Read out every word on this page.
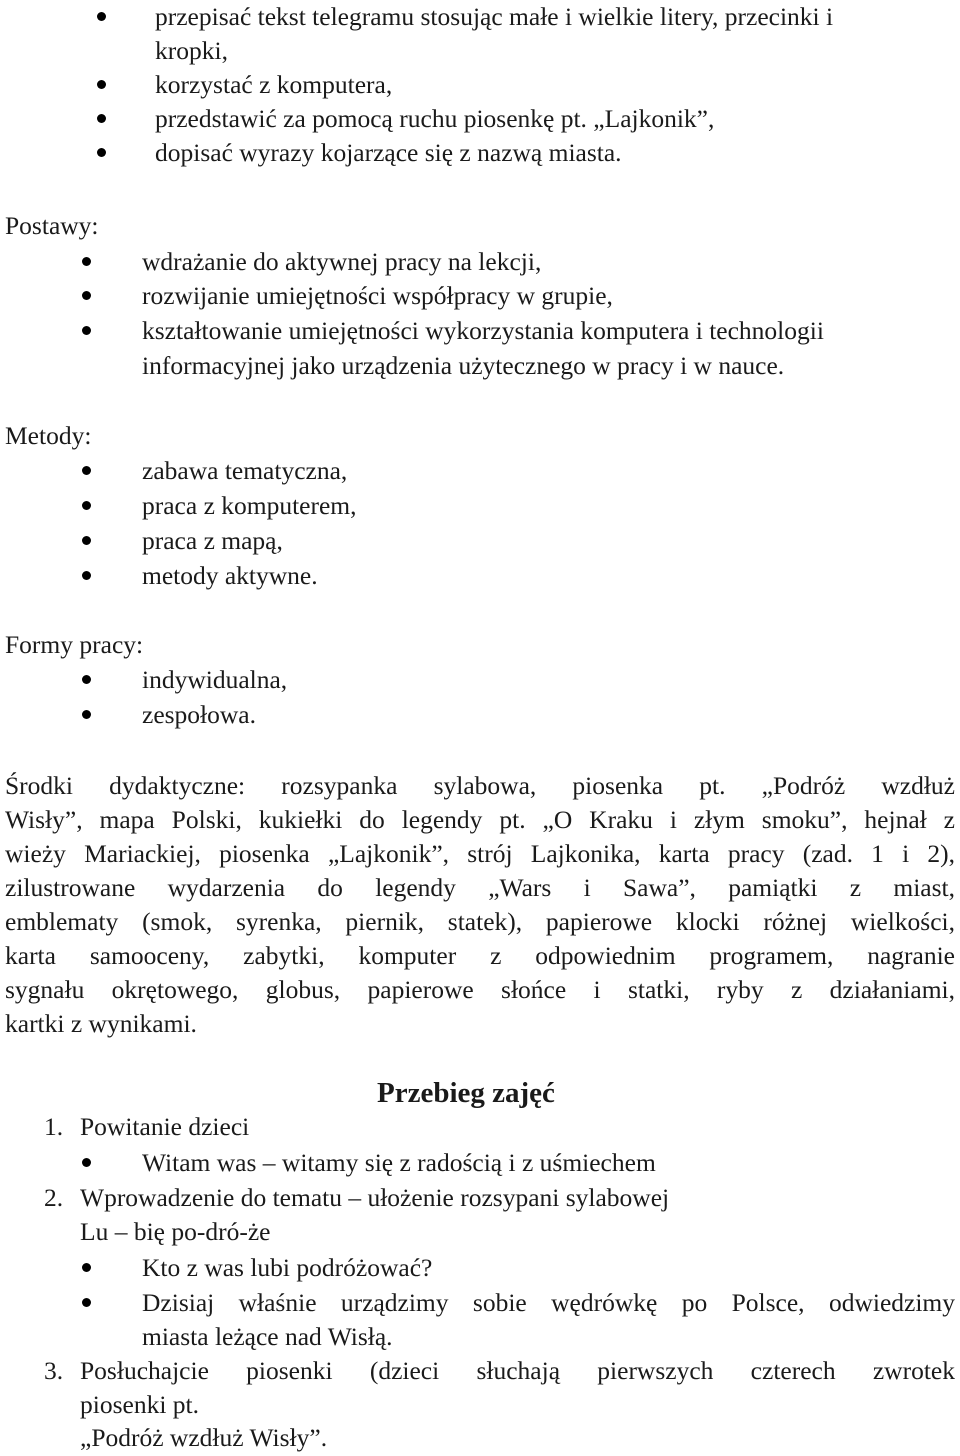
przepisać tekst telegramu stosując małe i wielkie litery, przecinki i
kropki,
korzystać z komputera,
przedstawić za pomocą ruchu piosenkę pt. „Lajkonik”,
dopisać wyrazy kojarzące się z nazwą miasta.
Postawy:
wdrażanie do aktywnej pracy na lekcji,
rozwijanie umiejętności współpracy w grupie,
kształtowanie umiejętności wykorzystania komputera i technologii
informacyjnej jako urządzenia użytecznego w pracy i w nauce.
Metody:
zabawa tematyczna,
praca z komputerem,
praca z mapą,
metody aktywne.
Formy pracy:
indywidualna,
zespołowa.
Środki dydaktyczne: rozsypanka sylabowa, piosenka pt. „Podróż wzdłuż
Wisły”, mapa Polski, kukiełki do legendy pt. „O Kraku i złym smoku”, hejnał z
wieży Mariackiej, piosenka „Lajkonik”, strój Lajkonika, karta pracy (zad. 1 i 2),
zilustrowane wydarzenia do legendy „Wars i Sawa”, pamiątki z miast,
emblematy (smok, syrenka, piernik, statek), papierowe klocki różnej wielkości,
karta samooceny, zabytki, komputer z odpowiednim programem, nagranie
sygnału okrętowego, globus, papierowe słońce i statki, ryby z działaniami,
kartki z wynikami.
Przebieg zajęć
1. Powitanie dzieci
Witam was – witamy się z radością i z uśmiechem
2. Wprowadzenie do tematu – ułożenie rozsypani sylabowej
Lu – bię po-dró-że
Kto z was lubi podróżować?
Dzisiaj właśnie urządzimy sobie wędrówkę po Polsce, odwiedzimy
miasta leżące nad Wisłą.
3. Posłuchajcie piosenki (dzieci słuchają pierwszych czterech zwrotek
piosenki pt.
„Podróż wzdłuż Wisły”.
